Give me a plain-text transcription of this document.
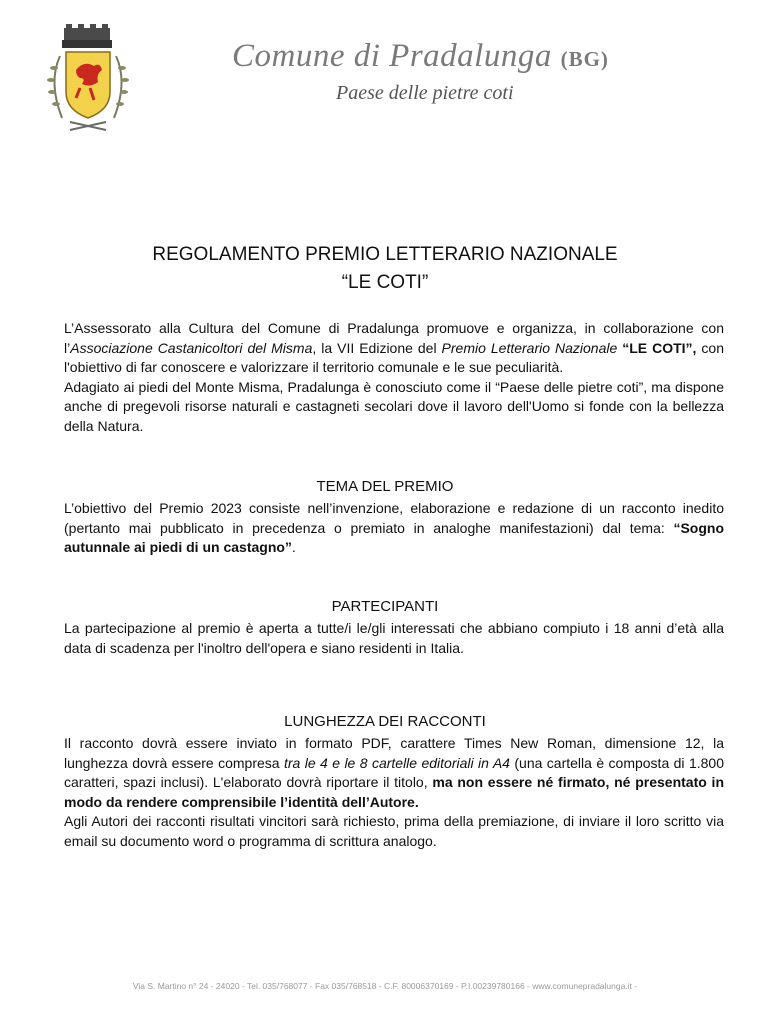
Comune di Pradalunga (BG)
Paese delle pietre coti
REGOLAMENTO PREMIO LETTERARIO NAZIONALE
“LE COTI”

L’Assessorato alla Cultura del Comune di Pradalunga promuove e organizza, in collaborazione con l’Associazione Castanicoltori del Misma, la VII Edizione del Premio Letterario Nazionale “LE COTI”, con l'obiettivo di far conoscere e valorizzare il territorio comunale e le sue peculiarità.
Adagiato ai piedi del Monte Misma, Pradalunga è conosciuto come il “Paese delle pietre coti”, ma dispone anche di pregevoli risorse naturali e castagneti secolari dove il lavoro dell'Uomo si fonde con la bellezza della Natura.

TEMA DEL PREMIO

L’obiettivo del Premio 2023 consiste nell’invenzione, elaborazione e redazione di un racconto inedito (pertanto mai pubblicato in precedenza o premiato in analoghe manifestazioni) dal tema: “Sogno autunnale ai piedi di un castagno”.

PARTECIPANTI

La partecipazione al premio è aperta a tutte/i le/gli interessati che abbiano compiuto i 18 anni d’età alla data di scadenza per l'inoltro dell'opera e siano residenti in Italia.

LUNGHEZZA DEI RACCONTI

Il racconto dovrà essere inviato in formato PDF, carattere Times New Roman, dimensione 12, la lunghezza dovrà essere compresa tra le 4 e le 8 cartelle editoriali in A4 (una cartella è composta di 1.800 caratteri, spazi inclusi). L'elaborato dovrà riportare il titolo, ma non essere né firmato, né presentato in modo da rendere comprensibile l’identità dell’Autore.
Agli Autori dei racconti risultati vincitori sarà richiesto, prima della premiazione, di inviare il loro scritto via email su documento word o programma di scrittura analogo.

Via S. Martino n° 24 - 24020 - Tel. 035/768077 - Fax 035/768518 - C.F. 80006370169 - P.I.00239780166 - www.comunepradalunga.it -
